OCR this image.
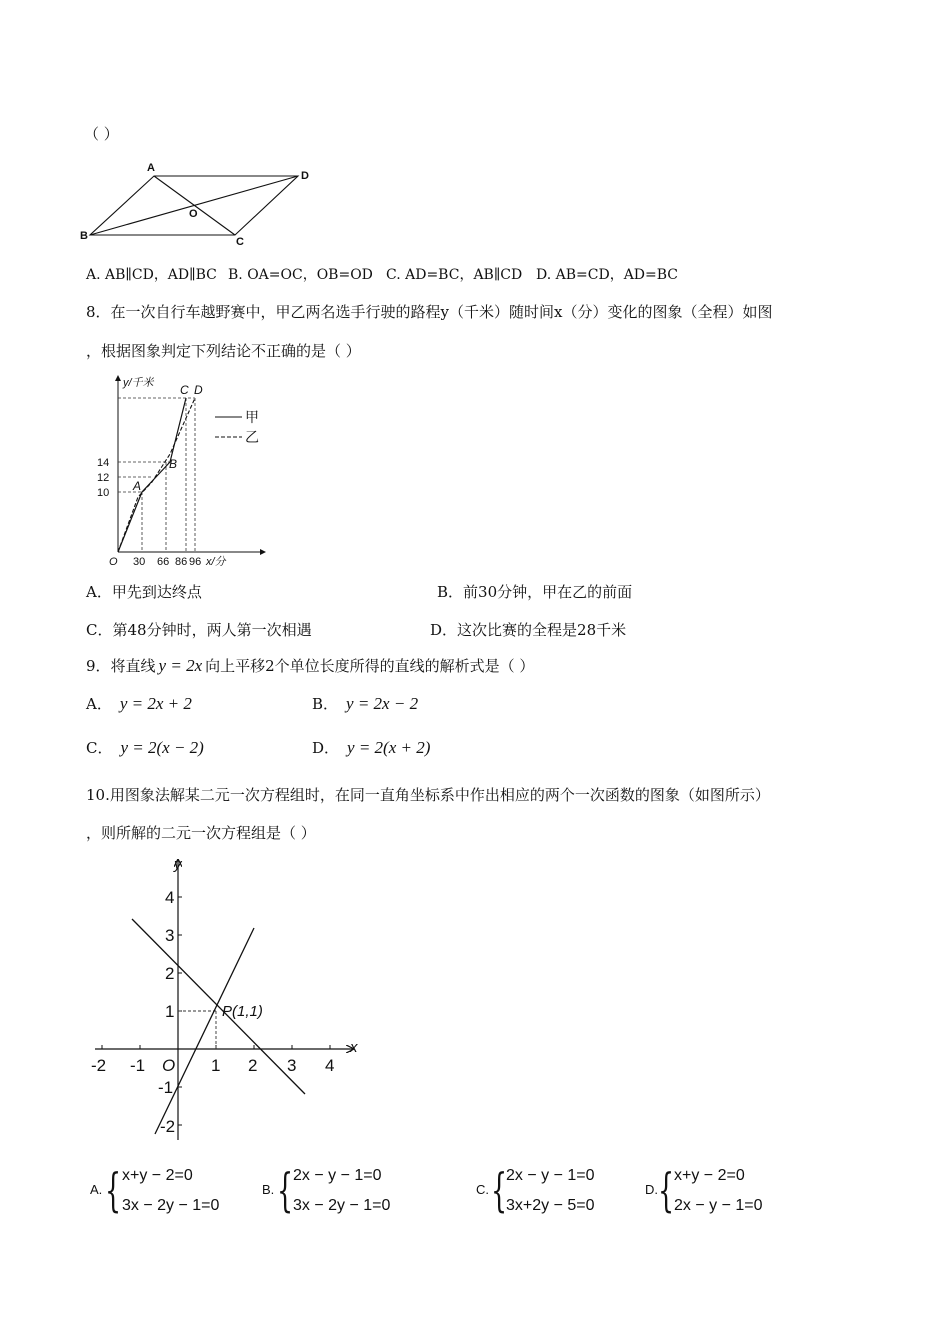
（ ）
A
D
B	C
O
A. AB∥CD，AD∥BC B. OA=OC，OB=OD C. AD=BC，AB∥CD D. AB=CD，AD=BC
8．在一次自行车越野赛中，甲乙两名选手行驶的路程y（千米）随时间x（分）变化的图象（全程）如图
，根据图象判定下列结论不正确的是（ ）
y/千米 C D
B
A
14
12
10
O 30 66 86 96 x/分
甲
乙
A．甲先到达终点	B．前30分钟，甲在乙的前面
C．第48分钟时，两人第一次相遇	D．这次比赛的全程是28千米
9．将直线 y = 2x 向上平移2个单位长度所得的直线的解析式是（ ）
A． y = 2x + 2	B． y = 2x − 2
C． y = 2(x − 2)	D． y = 2(x + 2)
10.用图象法解某二元一次方程组时，在同一直角坐标系中作出相应的两个一次函数的图象（如图所示）
，则所解的二元一次方程组是（ ）
-2 -1 O 1 2 3 4
4
3
2
1
-1
-2
y
x
P(1,1)
A. { x+y − 2=0
3x − 2y − 1=0
B. { 2x − y − 1=0
3x − 2y − 1=0
C. {
2x − y − 1=0
3x+2y − 5=0
D. { x+y − 2=0
2x − y − 1=0
